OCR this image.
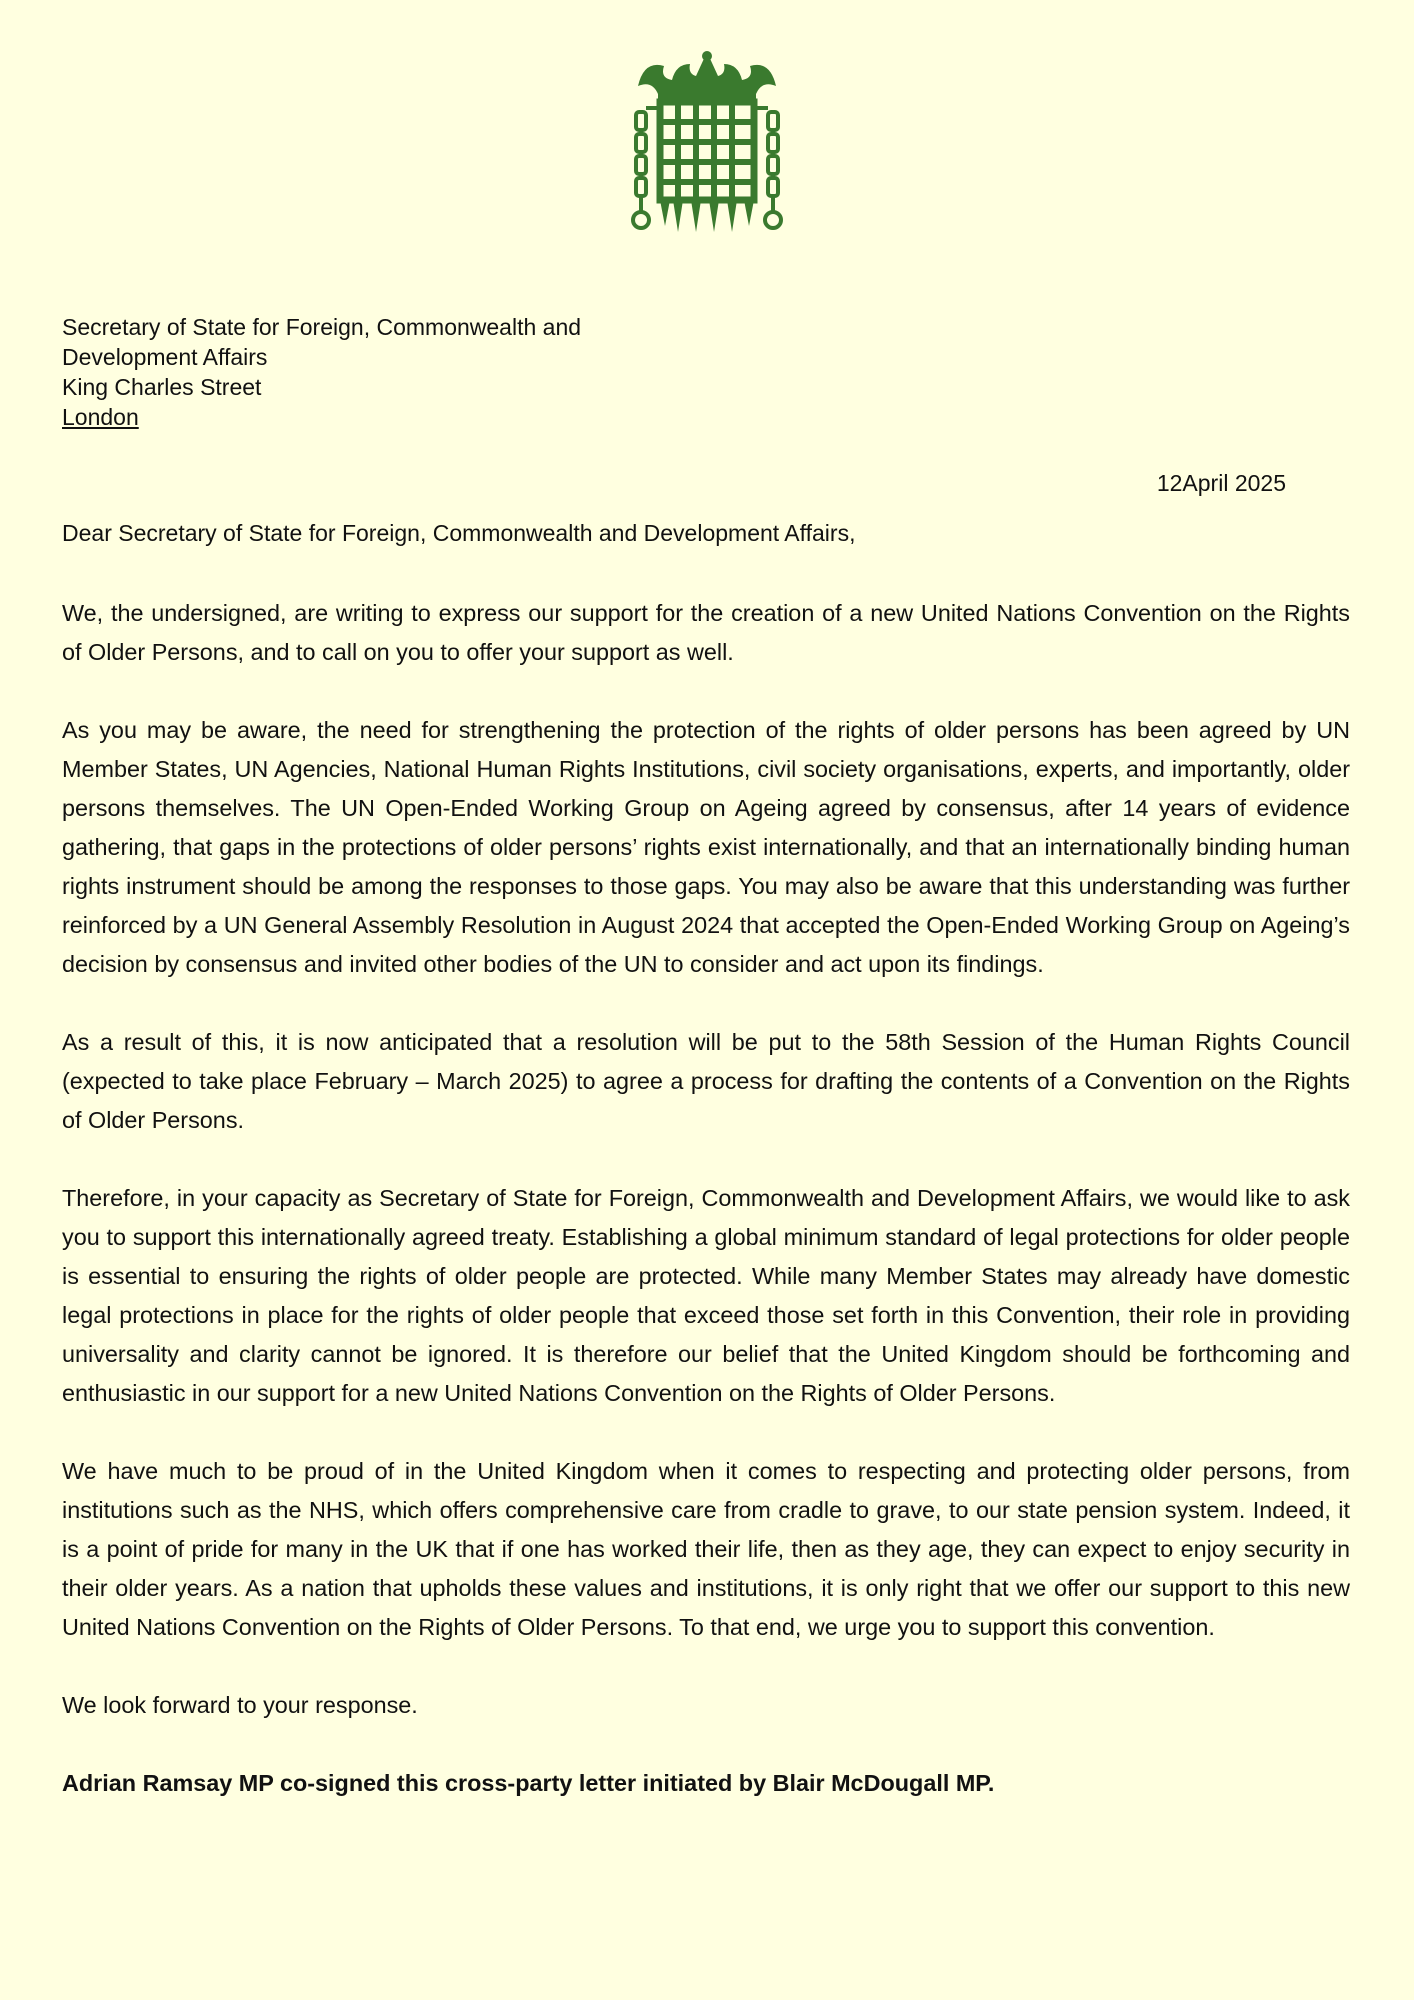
Secretary of State for Foreign, Commonwealth and
Development Affairs
King Charles Street
London
12April 2025
Dear Secretary of State for Foreign, Commonwealth and Development Affairs,

We, the undersigned, are writing to express our support for the creation of a new United Nations Convention on the Rights of Older Persons, and to call on you to offer your support as well.

As you may be aware, the need for strengthening the protection of the rights of older persons has been agreed by UN Member States, UN Agencies, National Human Rights Institutions, civil society organisations, experts, and importantly, older persons themselves. The UN Open-Ended Working Group on Ageing agreed by consensus, after 14 years of evidence gathering, that gaps in the protections of older persons’ rights exist internationally, and that an internationally binding human rights instrument should be among the responses to those gaps. You may also be aware that this understanding was further reinforced by a UN General Assembly Resolution in August 2024 that accepted the Open-Ended Working Group on Ageing’s decision by consensus and invited other bodies of the UN to consider and act upon its findings.

As a result of this, it is now anticipated that a resolution will be put to the 58th Session of the Human Rights Council (expected to take place February – March 2025) to agree a process for drafting the contents of a Convention on the Rights of Older Persons.

Therefore, in your capacity as Secretary of State for Foreign, Commonwealth and Development Affairs, we would like to ask you to support this internationally agreed treaty. Establishing a global minimum standard of legal protections for older people is essential to ensuring the rights of older people are protected. While many Member States may already have domestic legal protections in place for the rights of older people that exceed those set forth in this Convention, their role in providing universality and clarity cannot be ignored. It is therefore our belief that the United Kingdom should be forthcoming and enthusiastic in our support for a new United Nations Convention on the Rights of Older Persons.

We have much to be proud of in the United Kingdom when it comes to respecting and protecting older persons, from institutions such as the NHS, which offers comprehensive care from cradle to grave, to our state pension system. Indeed, it is a point of pride for many in the UK that if one has worked their life, then as they age, they can expect to enjoy security in their older years. As a nation that upholds these values and institutions, it is only right that we offer our support to this new United Nations Convention on the Rights of Older Persons. To that end, we urge you to support this convention.

We look forward to your response.

Adrian Ramsay MP co-signed this cross-party letter initiated by Blair McDougall MP.
